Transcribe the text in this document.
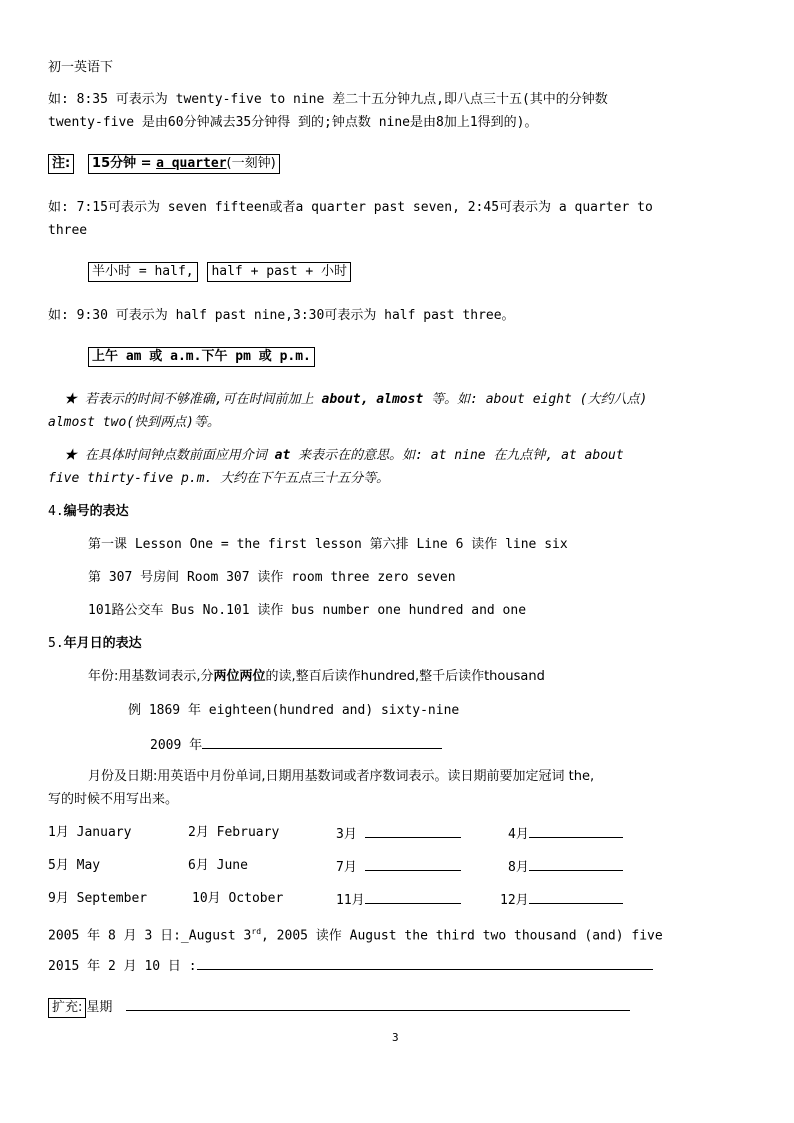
初一英语下
如: 8:35 可表示为 twenty-five to nine 差二十五分钟九点,即八点三十五(其中的分钟数
twenty-five 是由60分钟减去35分钟得 到的;钟点数 nine是由8加上1得到的)。
注: 15分钟 = a quarter(一刻钟)
如: 7:15可表示为 seven fifteen或者a quarter past seven, 2:45可表示为 a quarter to
three
半小时 = half, half + past + 小时
如: 9:30 可表示为 half past nine,3:30可表示为 half past three。
上午 am 或 a.m.下午 pm 或 p.m.
★ 若表示的时间不够准确,可在时间前加上 about, almost 等。如: about eight (大约八点)
almost two(快到两点)等。
★ 在具体时间钟点数前面应用介词 at 来表示在的意思。如: at nine 在九点钟, at about
five thirty-five p.m. 大约在下午五点三十五分等。
4.编号的表达
第一课 Lesson One = the first lesson 第六排 Line 6 读作 line six
第 307 号房间 Room 307 读作 room three zero seven
101路公交车 Bus No.101 读作 bus number one hundred and one
5.年月日的表达
年份:用基数词表示,分两位两位的读,整百后读作hundred,整千后读作thousand
例 1869 年 eighteen(hundred and) sixty-nine
2009 年
月份及日期:用英语中月份单词,日期用基数词或者序数词表示。读日期前要加定冠词 the,
写的时候不用写出来。
1月 January	2月 February	3月	4月
5月 May	6月 June	7月	8月
9月 September	10月 October	11月	12月
2005 年 8 月 3 日:_August 3rd, 2005 读作 August the third two thousand (and) five
2015 年 2 月 10 日 :
扩充: 星期
3
